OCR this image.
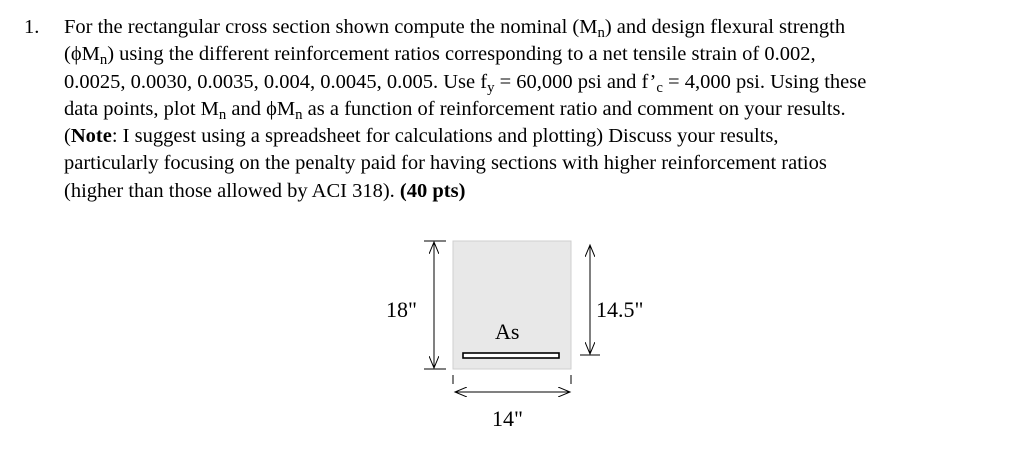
1. For the rectangular cross section shown compute the nominal $(M_n)$ and design flexural strength
$(\phi M_n)$ using the different reinforcement ratios corresponding to a net tensile strain of 0.002,
0.0025, 0.0030, 0.0035, 0.004, 0.0045, 0.005. Use $f_y = 60,000$ psi and $f’_c = 4,000$ psi. Using these
data points, plot $M_n$ and $\phi M_n$ as a function of reinforcement ratio and comment on your results.
(Note: I suggest using a spreadsheet for calculations and plotting) Discuss your results,
particularly focusing on the penalty paid for having sections with higher reinforcement ratios
(higher than those allowed by ACI 318). (40 pts)
18"	14.5"
As
14"
